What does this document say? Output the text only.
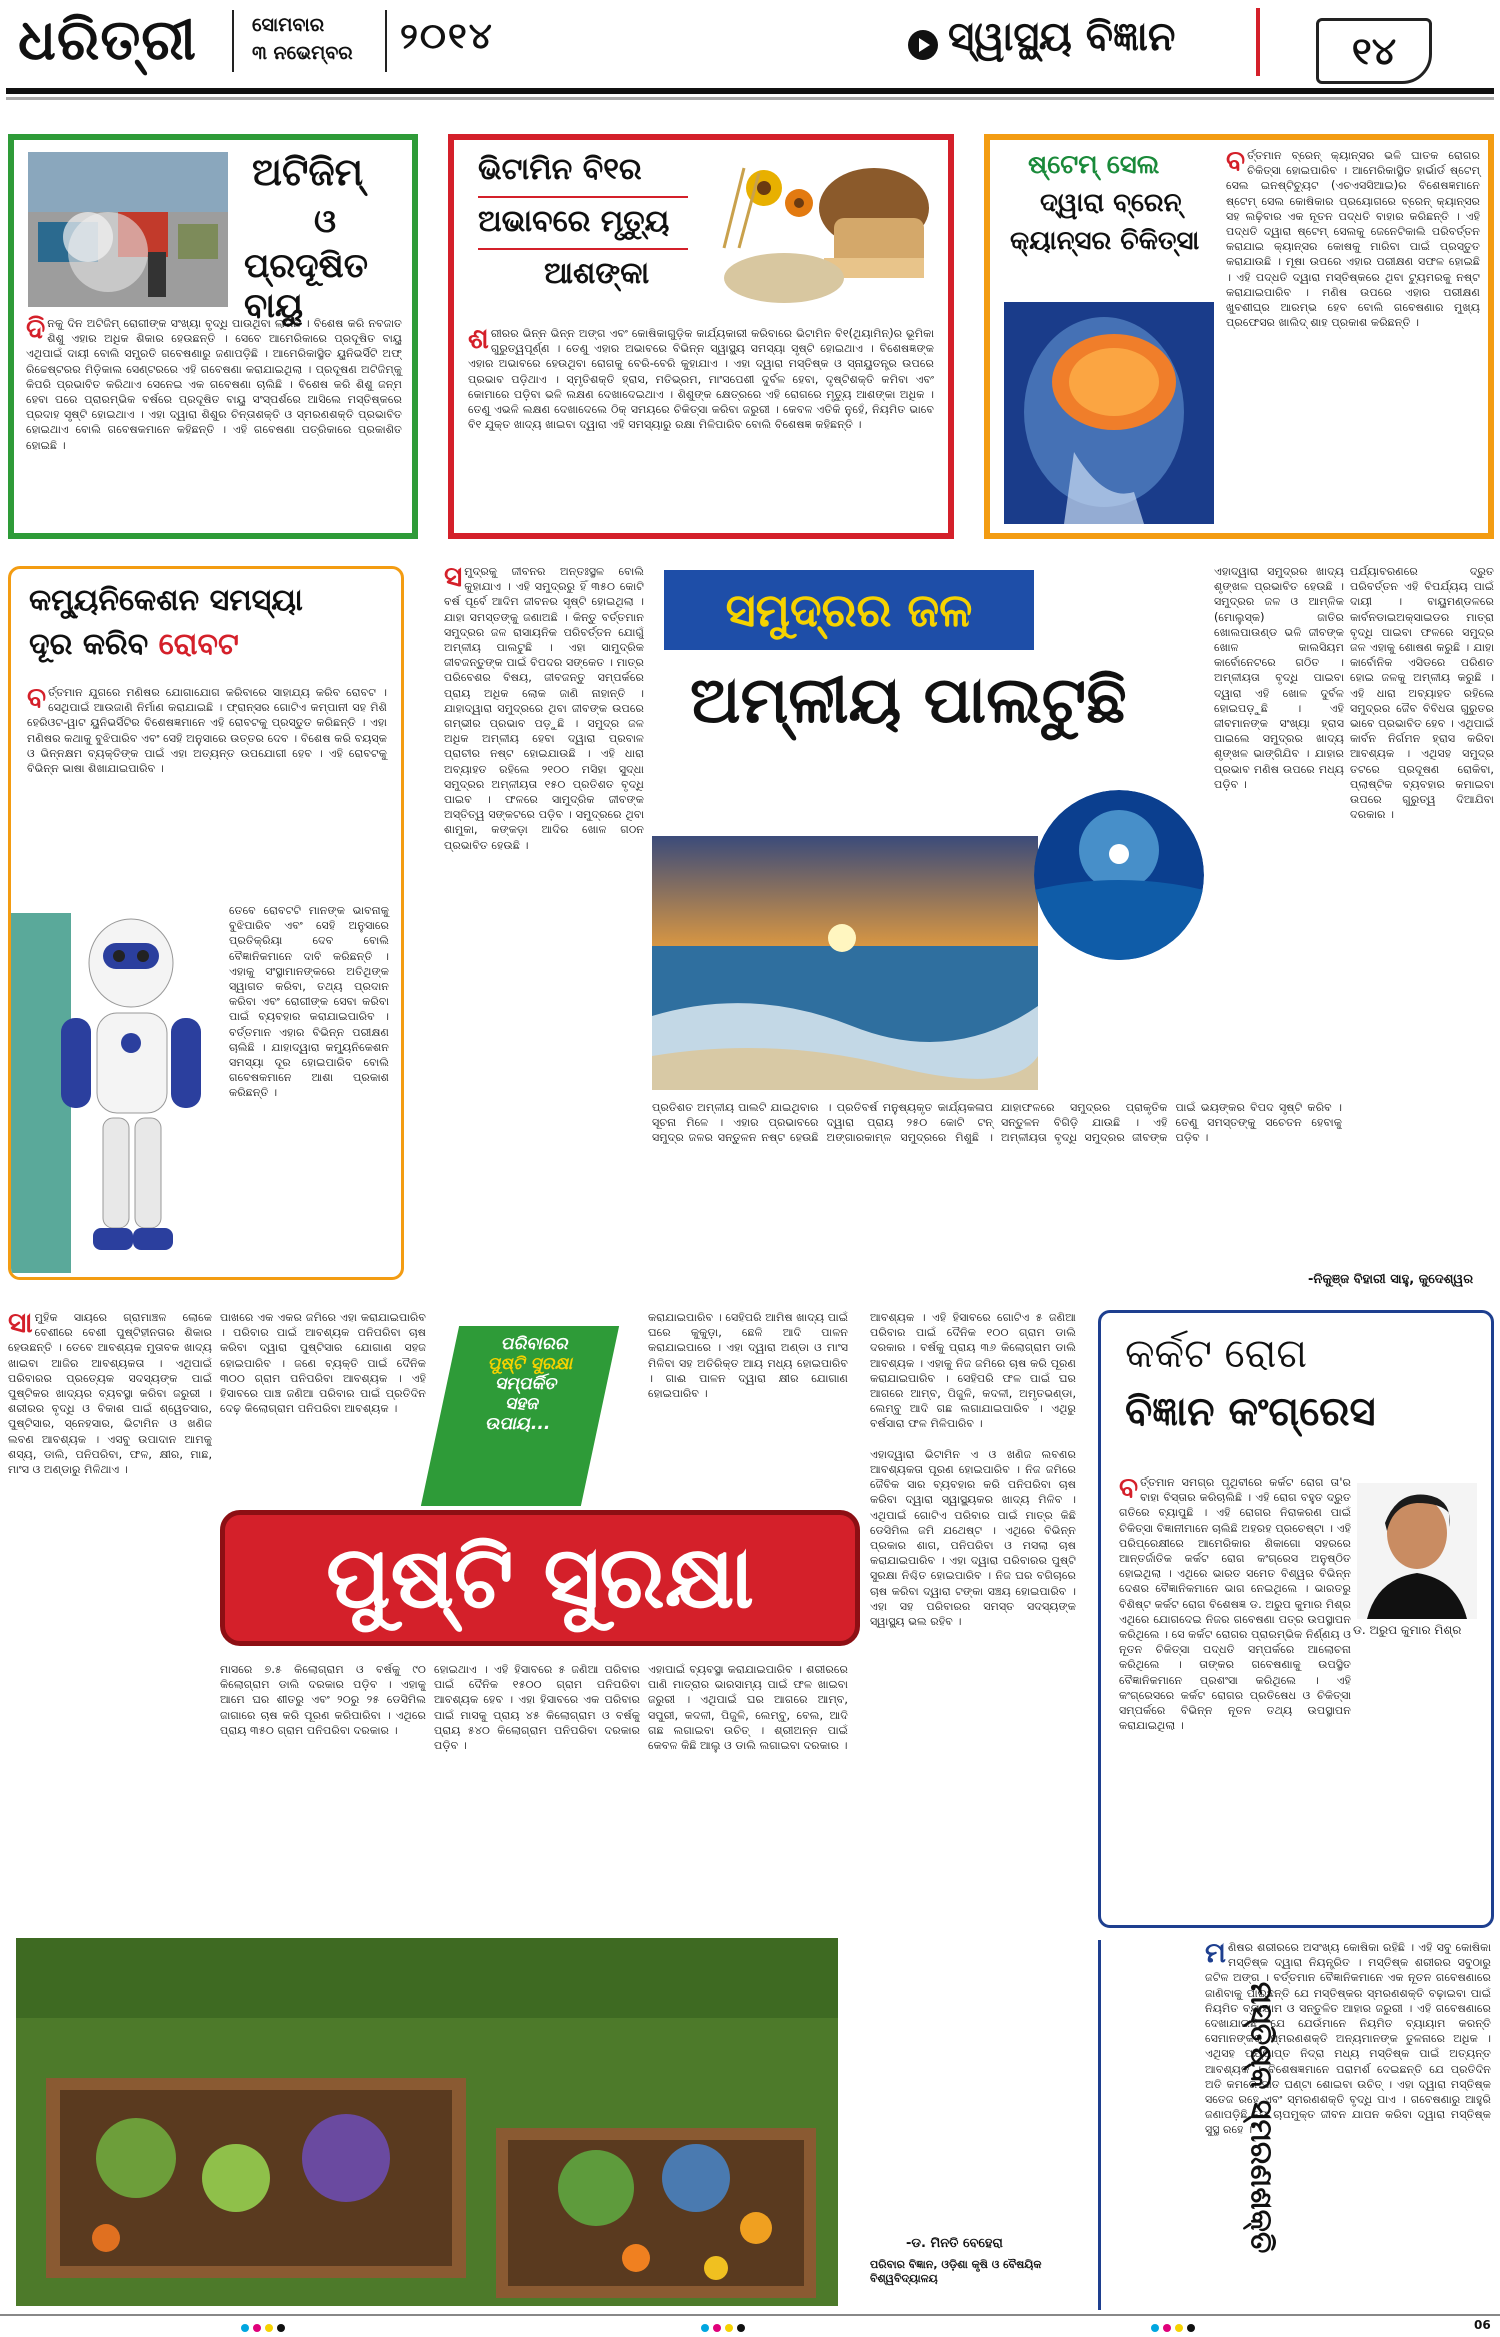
ଧରିତ୍ରୀ	ସୋମବାର
୩ ନଭେମ୍ବର ୨୦୧୪	ସ୍ୱାସ୍ଥ୍ୟ ବିଜ୍ଞାନ	୧୪
ଅଟିଜିମ୍
ଓ
ପ୍ରଦୂଷିତ ବାୟୁ
ଦି ନକୁ ଦିନ ଅଟିଜିମ୍ ରୋଗୀଙ୍କ ସଂଖ୍ୟା ବୃଦ୍ଧି ପାଉଥିବା ଲାଗିଛି । ବିଶେଷ କରି ନବଜାତ ଶିଶୁ ଏହାର ଅଧିକ ଶିକାର ହେଉଛନ୍ତି । ସେବେ ଆମେରିକାରେ ପ୍ରଦୂଷିତ ବାୟୁ ଏଥିପାଇଁ ଦାୟୀ ବୋଲି ସମ୍ପ୍ରତି ଗବେଷଣାରୁ ଜଣାପଡ଼ିଛି । ଆମେରିକାସ୍ଥିତ ୟୁନିଭର୍ସିଟି ଅଫ୍ ରିଚ୍ଚେଷ୍ଟରର ମିଡ଼ିକାଲ ସେଣ୍ଟରରେ ଏହି ଗବେଷଣା କରାଯାଇଥିଲା । ପ୍ରଦୂଷଣ ଅଟିଜିମ୍କୁ କିପରି ପ୍ରଭାବିତ କରିଥାଏ ସେନେଇ ଏକ ଗବେଷଣା ଚାଲିଛି । ବିଶେଷ କରି ଶିଶୁ ଜନ୍ମ ହେବା ପରେ ପ୍ରାରମ୍ଭିକ ବର୍ଷରେ ପ୍ରଦୂଷିତ ବାୟୁ ସଂସ୍ପର୍ଶରେ ଆସିଲେ ମସ୍ତିଷ୍କରେ ପ୍ରଦାହ ସୃଷ୍ଟି ହୋଇଥାଏ । ଏହା ଦ୍ୱାରା ଶିଶୁର ଚିନ୍ତାଶକ୍ତି ଓ ସ୍ମରଣଶକ୍ତି ପ୍ରଭାବିତ ହୋଇଥାଏ ବୋଲି ଗବେଷକମାନେ କହିଛନ୍ତି । ଏହି ଗବେଷଣା ପତ୍ରିକାରେ ପ୍ରକାଶିତ ହୋଇଛି ।
ଭିଟାମିନ ବି୧ର
ଅଭାବରେ ମୃତ୍ୟୁ
ଆଶଙ୍କା
ଶ ରୀରର ଭିନ୍ନ ଭିନ୍ନ ଅଙ୍ଗ ଏବଂ କୋଷିକାଗୁଡ଼ିକ କାର୍ଯ୍ୟକାରୀ କରିବାରେ ଭିଟାମିନ ବି୧(ଥିୟାମିନ୍)ର ଭୂମିକା ଗୁରୁତ୍ୱପୂର୍ଣ୍ଣ । ତେଣୁ ଏହାର ଅଭାବରେ ବିଭିନ୍ନ ସ୍ୱାସ୍ଥ୍ୟ ସମସ୍ୟା ସୃଷ୍ଟି ହୋଇଥାଏ । ବିଶେଷଜ୍ଞଙ୍କ ଏହାର ଅଭାବରେ ହେଉଥିବା ରୋଗକୁ ବେରି-ବେରି କୁହାଯାଏ । ଏହା ଦ୍ୱାରା ମସ୍ତିଷ୍କ ଓ ସ୍ନାୟୁତନ୍ତ୍ର ଉପରେ ପ୍ରଭାବ ପଡ଼ିଥାଏ । ସ୍ମୃତିଶକ୍ତି ହ୍ରାସ, ମତିଭ୍ରମ, ମାଂସପେଶୀ ଦୁର୍ବଳ ହେବା, ଦୃଷ୍ଟିଶକ୍ତି କମିବା ଏବଂ କୋମାରେ ପଡ଼ିବା ଭଳି ଲକ୍ଷଣ ଦେଖାଦେଇଥାଏ । ଶିଶୁଙ୍କ କ୍ଷେତ୍ରରେ ଏହି ରୋଗରେ ମୃତ୍ୟୁ ଆଶଙ୍କା ଅଧିକ । ତେଣୁ ଏଭଳି ଲକ୍ଷଣ ଦେଖାଦେଲେ ଠିକ୍ ସମୟରେ ଚିକିତ୍ସା କରିବା ଜରୁରୀ । କେବଳ ଏତିକି ନୁହେଁ, ନିୟମିତ ଭାବେ ବି୧ ଯୁକ୍ତ ଖାଦ୍ୟ ଖାଇବା ଦ୍ୱାରା ଏହି ସମସ୍ୟାରୁ ରକ୍ଷା ମିଳିପାରିବ ବୋଲି ବିଶେଷଜ୍ଞ କହିଛନ୍ତି ।
ଷ୍ଟେମ୍ ସେଲ
ଦ୍ୱାରା ବ୍ରେନ୍
କ୍ୟାନ୍ସର ଚିକିତ୍ସା
ବ ର୍ତ୍ତମାନ ବ୍ରେନ୍ କ୍ୟାନ୍ସର ଭଳି ଘାତକ ରୋଗର ଚିକିତ୍ସା ହୋଇପାରିବ । ଆମେରିକାସ୍ଥିତ ହାର୍ଭାର୍ଡ ଷ୍ଟେମ୍ ସେଲ ଇନଷ୍ଟିଚ୍ୟୁଟ (ଏଚଏସସିଆଇ)ର ବିଶେଷଜ୍ଞମାନେ ଷ୍ଟେମ୍ ସେଲ କୋଷିକାର ପ୍ରୟୋଗରେ ବ୍ରେନ୍ କ୍ୟାନ୍ସର ସହ ଲଢ଼ିବାର ଏକ ନୂତନ ପଦ୍ଧତି ବାହାର କରିଛନ୍ତି । ଏହି ପଦ୍ଧତି ଦ୍ୱାରା ଷ୍ଟେମ୍ ସେଲକୁ ଜେନେଟିକାଲି ପରିବର୍ତ୍ତନ କରାଯାଇ କ୍ୟାନ୍ସର କୋଷକୁ ମାରିବା ପାଇଁ ପ୍ରସ୍ତୁତ କରାଯାଉଛି । ମୂଷା ଉପରେ ଏହାର ପରୀକ୍ଷଣ ସଫଳ ହୋଇଛି । ଏହି ପଦ୍ଧତି ଦ୍ୱାରା ମସ୍ତିଷ୍କରେ ଥିବା ଟ୍ୟୁମରକୁ ନଷ୍ଟ କରାଯାଇପାରିବ । ମଣିଷ ଉପରେ ଏହାର ପରୀକ୍ଷଣ ଖୁବଶୀଘ୍ର ଆରମ୍ଭ ହେବ ବୋଲି ଗବେଷଣାର ମୁଖ୍ୟ ପ୍ରଫେସର ଖାଲିଦ୍ ଶାହ ପ୍ରକାଶ କରିଛନ୍ତି ।
କମ୍ୟୁନିକେଶନ ସମସ୍ୟା
ଦୂର କରିବ ରୋବଟ
ବ ର୍ତ୍ତମାନ ଯୁଗରେ ମଣିଷର ଯୋଗାଯୋଗ କରିବାରେ ସାହାଯ୍ୟ କରିବ ରୋବଟ । ସେଥିପାଇଁ ଆଉଜାଣି ନିର୍ମାଣ କରାଯାଇଛି । ଫ୍ରାନ୍ସର ଗୋଟିଏ କମ୍ପାନୀ ସହ ମିଶି ହେରିଓଟ-ୱାଟ ୟୁନିଭର୍ସିଟିର ବିଶେଷଜ୍ଞମାନେ ଏହି ରୋବଟକୁ ପ୍ରସ୍ତୁତ କରିଛନ୍ତି । ଏହା ମଣିଷର କଥାକୁ ବୁଝିପାରିବ ଏବଂ ସେହି ଅନୁସାରେ ଉତ୍ତର ଦେବ । ବିଶେଷ କରି ବୟସ୍କ ଓ ଭିନ୍ନକ୍ଷମ ବ୍ୟକ୍ତିଙ୍କ ପାଇଁ ଏହା ଅତ୍ୟନ୍ତ ଉପଯୋଗୀ ହେବ । ଏହି ରୋବଟକୁ ବିଭିନ୍ନ ଭାଷା ଶିଖାଯାଇପାରିବ ।
ତେବେ ରୋବଟଟି ମାନଙ୍କ ଭାବନାକୁ ବୁଝିପାରିବ ଏବଂ ସେହି ଅନୁସାରେ ପ୍ରତିକ୍ରିୟା ଦେବ ବୋଲି ବୈଜ୍ଞାନିକମାନେ ଦାବି କରିଛନ୍ତି । ଏହାକୁ ସଂସ୍ଥାମାନଙ୍କରେ ଅତିଥିଙ୍କ ସ୍ୱାଗତ କରିବା, ତଥ୍ୟ ପ୍ରଦାନ କରିବା ଏବଂ ରୋଗୀଙ୍କ ସେବା କରିବା ପାଇଁ ବ୍ୟବହାର କରାଯାଇପାରିବ । ବର୍ତ୍ତମାନ ଏହାର ବିଭିନ୍ନ ପରୀକ୍ଷଣ ଚାଲିଛି । ଯାହାଦ୍ୱାରା କମ୍ୟୁନିକେଶନ ସମସ୍ୟା ଦୂର ହୋଇପାରିବ ବୋଲି ଗବେଷକମାନେ ଆଶା ପ୍ରକାଶ କରିଛନ୍ତି ।
ସ ମୁଦ୍ରକୁ ଜୀବନର ଅନ୍ତଃସ୍ଥଳ ବୋଲି କୁହାଯାଏ । ଏହି ସମୁଦ୍ରରୁ ହିଁ ୩୫୦ କୋଟି ବର୍ଷ ପୂର୍ବେ ଆଦିମ ଜୀବନର ସୃଷ୍ଟି ହୋଇଥିଲା । ଯାହା ସମସ୍ତଙ୍କୁ ଜଣାଅଛି । କିନ୍ତୁ ବର୍ତ୍ତମାନ ସମୁଦ୍ରର ଜଳ ରାସାୟନିକ ପରିବର୍ତ୍ତନ ଯୋଗୁଁ ଅମ୍ଳୀୟ ପାଲଟୁଛି । ଏହା ସାମୁଦ୍ରିକ ଜୀବଜନ୍ତୁଙ୍କ ପାଇଁ ବିପଦର ସଙ୍କେତ । ମାତ୍ର ପରିବେଶର ବିଷୟ, ଜୀବଜନ୍ତୁ ସମ୍ପର୍କରେ ପ୍ରାୟ ଅଧିକ ଲୋକ ଜାଣି ନାହାନ୍ତି । ଯାହାଦ୍ୱାରା ସମୁଦ୍ରରେ ଥିବା ଜୀବଙ୍କ ଉପରେ ଗମ୍ଭୀର ପ୍ରଭାବ ପଡ଼ୁଛି । ସମୁଦ୍ର ଜଳ ଅଧିକ ଅମ୍ଳୀୟ ହେବା ଦ୍ୱାରା ପ୍ରବାଳ ପ୍ରାଚୀର ନଷ୍ଟ ହୋଇଯାଉଛି । ଏହି ଧାରା ଅବ୍ୟାହତ ରହିଲେ ୨୧୦୦ ମସିହା ସୁଦ୍ଧା ସମୁଦ୍ରର ଅମ୍ଳୀୟତା ୧୫୦ ପ୍ରତିଶତ ବୃଦ୍ଧି ପାଇବ । ଫଳରେ ସାମୁଦ୍ରିକ ଜୀବଙ୍କ ଅସ୍ତିତ୍ୱ ସଙ୍କଟରେ ପଡ଼ିବ । ସମୁଦ୍ରରେ ଥିବା ଶାମୁକା, କଙ୍କଡ଼ା ଆଦିର ଖୋଳ ଗଠନ ପ୍ରଭାବିତ ହେଉଛି ।
ସମୁଦ୍ରର ଜଳ
ଅମ୍ଳୀୟ ପାଲଟୁଛି
ଏହାଦ୍ୱାରା ସମୁଦ୍ରର ଖାଦ୍ୟ ଶୃଙ୍ଖଳ ପ୍ରଭାବିତ ହେଉଛି । ସମୁଦ୍ରର ଜଳ ଓ ଆମ୍ଳିକ (ମୋଲୁସ୍କ) ଜାତିର ଖୋଲପାଉଣ୍ଡ ଭଳି ଜୀବଙ୍କ ଖୋଳ କାଲସିୟମ କାର୍ବୋନେଟରେ ଗଠିତ । ଅମ୍ଳୀୟତା ବୃଦ୍ଧି ପାଇବା ଦ୍ୱାରା ଏହି ଖୋଳ ଦୁର୍ବଳ ହୋଇପଡ଼ୁଛି । ଏହି ଜୀବମାନଙ୍କ ସଂଖ୍ୟା ହ୍ରାସ ପାଇଲେ ସମୁଦ୍ରର ଖାଦ୍ୟ ଶୃଙ୍ଖଳ ଭାଙ୍ଗିଯିବ । ଯାହାର ପ୍ରଭାବ ମଣିଷ ଉପରେ ମଧ୍ୟ ପଡ଼ିବ ।
ପର୍ଯ୍ୟାବରଣରେ ଦ୍ରୁତ ପରିବର୍ତ୍ତନ ଏହି ବିପର୍ଯ୍ୟୟ ପାଇଁ ଦାୟୀ । ବାୟୁମଣ୍ଡଳରେ କାର୍ବନଡାଇଅକ୍ସାଇଡର ମାତ୍ରା ବୃଦ୍ଧି ପାଇବା ଫଳରେ ସମୁଦ୍ର ଜଳ ଏହାକୁ ଶୋଷଣ କରୁଛି । ଯାହା କାର୍ବୋନିକ ଏସିଡରେ ପରିଣତ ହୋଇ ଜଳକୁ ଅମ୍ଳୀୟ କରୁଛି । ଏହି ଧାରା ଅବ୍ୟାହତ ରହିଲେ ସମୁଦ୍ରର ଜୈବ ବିବିଧତା ଗୁରୁତର ଭାବେ ପ୍ରଭାବିତ ହେବ । ଏଥିପାଇଁ କାର୍ବନ ନିର୍ଗମନ ହ୍ରାସ କରିବା ଆବଶ୍ୟକ । ଏଥିସହ ସମୁଦ୍ର ତଟରେ ପ୍ରଦୂଷଣ ରୋକିବା, ପ୍ଲାଷ୍ଟିକ ବ୍ୟବହାର କମାଇବା ଉପରେ ଗୁରୁତ୍ୱ ଦିଆଯିବା ଦରକାର ।
ପ୍ରତିଶତ ଅମ୍ଳୀୟ ପାଲଟି ଯାଇଥିବାର ସୂଚନା ମିଳେ । ଏହାର ପ୍ରଭାବରେ ସମୁଦ୍ର ଜଳର ସନ୍ତୁଳନ ନଷ୍ଟ ହେଉଛି । ପ୍ରତିବର୍ଷ ମନୁଷ୍ୟକୃତ କାର୍ଯ୍ୟକଳାପ ଦ୍ୱାରା ପ୍ରାୟ ୨୫୦ କୋଟି ଟନ୍ ଅଙ୍ଗାରକାମ୍ଳ ସମୁଦ୍ରରେ ମିଶୁଛି । ଯାହାଫଳରେ ସମୁଦ୍ରର ପ୍ରାକୃତିକ ସନ୍ତୁଳନ ବିଗିଡ଼ି ଯାଉଛି । ଏହି ଅମ୍ଳୀୟତା ବୃଦ୍ଧି ସମୁଦ୍ରର ଜୀବଙ୍କ ପାଇଁ ଭୟଙ୍କର ବିପଦ ସୃଷ୍ଟି କରିବ । ତେଣୁ ସମସ୍ତଙ୍କୁ ସଚେତନ ହେବାକୁ ପଡ଼ିବ ।
-ନିକୁଞ୍ଜ ବିହାରୀ ସାହୁ, କୁଦେଶ୍ୱର
ସା ମୁହିକ ସାୟରେ ଗ୍ରାମାଞ୍ଚଳ ଲୋକେ ବେଶୀରେ ବେଶୀ ପୁଷ୍ଟିହୀନତାର ଶିକାର ହେଉଛନ୍ତି । ତେବେ ଆବଶ୍ୟକ ମୁତାବକ ଖାଦ୍ୟ ଖାଇବା ଆଜିର ଆବଶ୍ୟକତା । ଏଥିପାଇଁ ପରିବାରର ପ୍ରତ୍ୟେକ ସଦସ୍ୟଙ୍କ ପାଇଁ ପୁଷ୍ଟିକର ଖାଦ୍ୟର ବ୍ୟବସ୍ଥା କରିବା ଜରୁରୀ । ଶରୀରର ବୃଦ୍ଧି ଓ ବିକାଶ ପାଇଁ ଶ୍ୱେତସାର, ପୁଷ୍ଟିସାର, ସ୍ନେହସାର, ଭିଟାମିନ ଓ ଖଣିଜ ଲବଣ ଆବଶ୍ୟକ । ଏସବୁ ଉପାଦାନ ଆମକୁ ଶସ୍ୟ, ଡାଲି, ପନିପରିବା, ଫଳ, କ୍ଷୀର, ମାଛ, ମାଂସ ଓ ଅଣ୍ଡାରୁ ମିଳିଥାଏ ।
ପାଖରେ ଏକ ଏକର ଜମିରେ ଏହା କରାଯାଇପାରିବ । ପରିବାର ପାଇଁ ଆବଶ୍ୟକ ପନିପରିବା ଚାଷ କରିବା ଦ୍ୱାରା ପୁଷ୍ଟିସାର ଯୋଗାଣ ସହଜ ହୋଇପାରିବ । ଜଣେ ବ୍ୟକ୍ତି ପାଇଁ ଦୈନିକ ୩୦୦ ଗ୍ରାମ ପନିପରିବା ଆବଶ୍ୟକ । ଏହି ହିସାବରେ ପାଞ୍ଚ ଜଣିଆ ପରିବାର ପାଇଁ ପ୍ରତିଦିନ ଦେଢ଼ କିଲୋଗ୍ରାମ ପନିପରିବା ଆବଶ୍ୟକ ।
ପରିବାରର
ପୁଷ୍ଟି ସୁରକ୍ଷା
ସମ୍ପର୍କିତ
ସହଜ
ଉପାୟ...
କରାଯାଇପାରିବ । ସେହିପରି ଆମିଷ ଖାଦ୍ୟ ପାଇଁ ଘରେ କୁକୁଡ଼ା, ଛେଳି ଆଦି ପାଳନ କରାଯାଇପାରେ । ଏହା ଦ୍ୱାରା ଅଣ୍ଡା ଓ ମାଂସ ମିଳିବା ସହ ଅତିରିକ୍ତ ଆୟ ମଧ୍ୟ ହୋଇପାରିବ । ଗାଈ ପାଳନ ଦ୍ୱାରା କ୍ଷୀର ଯୋଗାଣ ହୋଇପାରିବ ।
ପୁଷ୍ଟି ସୁରକ୍ଷା
ମାସରେ ୭.୫ କିଲୋଗ୍ରାମ ଓ ବର୍ଷକୁ ୯୦ କିଲୋଗ୍ରାମ ଡାଲି ଦରକାର ପଡ଼ିବ । ଏହାକୁ ଆମେ ଘର ଶୀତରୁ ଏବଂ ୨୦ରୁ ୨୫ ଡେସିମିଲ ଜାଗାରେ ଚାଷ କରି ପୂରଣ କରିପାରିବା । ଏଥିରେ ପ୍ରାୟ ୩୫୦ ଗ୍ରାମ ପନିପରିବା ଦରକାର ।
ହୋଇଥାଏ । ଏହି ହିସାବରେ ୫ ଜଣିଆ ପରିବାର ପାଇଁ ଦୈନିକ ୧୫୦୦ ଗ୍ରାମ ପନିପରିବା ଆବଶ୍ୟକ ହେବ । ଏହା ହିସାବରେ ଏକ ପରିବାର ପାଇଁ ମାସକୁ ପ୍ରାୟ ୪୫ କିଲୋଗ୍ରାମ ଓ ବର୍ଷକୁ ପ୍ରାୟ ୫୪୦ କିଲୋଗ୍ରାମ ପନିପରିବା ଦରକାର ପଡ଼ିବ ।
ଏହାପାଇଁ ବ୍ୟବସ୍ଥା କରାଯାଇପାରିବ । ଶରୀରରେ ପାଣି ମାତ୍ରାର ଭାରସାମ୍ୟ ପାଇଁ ଫଳ ଖାଇବା ଜରୁରୀ । ଏଥିପାଇଁ ଘର ଆଗରେ ଆମ୍ବ, ସପୁରୀ, କଦଳୀ, ପିଜୁଳି, ଲେମ୍ବୁ, ବେଲ, ଆଦି ଗଛ ଲଗାଇବା ଉଚିତ୍ । ଶ୍ରୀଅନ୍ନ ପାଇଁ କେବଳ କିଛି ଆଲୁ ଓ ଡାଲି ଲଗାଇବା ଦରକାର ।
ଆବଶ୍ୟକ । ଏହି ହିସାବରେ ଗୋଟିଏ ୫ ଜଣିଆ ପରିବାର ପାଇଁ ଦୈନିକ ୧୦୦ ଗ୍ରାମ ଡାଲି ଦରକାର । ବର୍ଷକୁ ପ୍ରାୟ ୩୬ କିଲୋଗ୍ରାମ ଡାଲି ଆବଶ୍ୟକ । ଏହାକୁ ନିଜ ଜମିରେ ଚାଷ କରି ପୂରଣ କରାଯାଇପାରିବ । ସେହିପରି ଫଳ ପାଇଁ ଘର ଆଗରେ ଆମ୍ବ, ପିଜୁଳି, କଦଳୀ, ଅମୃତଭଣ୍ଡା, ଲେମ୍ବୁ ଆଦି ଗଛ ଲଗାଯାଇପାରିବ । ଏଥିରୁ ବର୍ଷସାରା ଫଳ ମିଳିପାରିବ ।

ଏହାଦ୍ୱାରା ଭିଟାମିନ ଏ ଓ ଖଣିଜ ଲବଣର ଆବଶ୍ୟକତା ପୂରଣ ହୋଇପାରିବ । ନିଜ ଜମିରେ ଜୈବିକ ସାର ବ୍ୟବହାର କରି ପନିପରିବା ଚାଷ କରିବା ଦ୍ୱାରା ସ୍ୱାସ୍ଥ୍ୟକର ଖାଦ୍ୟ ମିଳିବ । ଏଥିପାଇଁ ଗୋଟିଏ ପରିବାର ପାଇଁ ମାତ୍ର କିଛି ଡେସିମିଲ ଜମି ଯଥେଷ୍ଟ । ଏଥିରେ ବିଭିନ୍ନ ପ୍ରକାର ଶାଗ, ପନିପରିବା ଓ ମସଲା ଚାଷ କରାଯାଇପାରିବ । ଏହା ଦ୍ୱାରା ପରିବାରର ପୁଷ୍ଟି ସୁରକ୍ଷା ନିଶ୍ଚିତ ହୋଇପାରିବ । ନିଜ ଘର ବଗିଚାରେ ଚାଷ କରିବା ଦ୍ୱାରା ଟଙ୍କା ସଞ୍ଚୟ ହୋଇପାରିବ । ଏହା ସହ ପରିବାରର ସମସ୍ତ ସଦସ୍ୟଙ୍କ ସ୍ୱାସ୍ଥ୍ୟ ଭଲ ରହିବ ।
-ଡ. ମିନତି ବେହେରା
ପରିବାର ବିଜ୍ଞାନ, ଓଡ଼ିଶା କୃଷି ଓ ବୈଷୟିକ ବିଶ୍ୱବିଦ୍ୟାଳୟ
କର୍କଟ ରୋଗ
ବିଜ୍ଞାନ କଂଗ୍ରେସ
ଡ. ଅରୁପ କୁମାର ମିଶ୍ର
ବ ର୍ତ୍ତମାନ ସମଗ୍ର ପୃଥିବୀରେ କର୍କଟ ରୋଗ ତା'ର ବାହା ବିସ୍ତାର କରିଚାଲିଛି । ଏହି ରୋଗ ବହୁତ ଦ୍ରୁତ ଗତିରେ ବ୍ୟାପୁଛି । ଏହି ରୋଗର ନିରାକରଣ ପାଇଁ ଚିକିତ୍ସା ବିଜ୍ଞାନୀମାନେ ଚାଲିଛି ଅହରହ ପ୍ରଚେଷ୍ଟା । ଏହି ପରିପ୍ରେକ୍ଷୀରେ ଆମେରିକାର ଶିକାଗୋ ସହରରେ ଆନ୍ତର୍ଜାତିକ କର୍କଟ ରୋଗ କଂଗ୍ରେସ ଅନୁଷ୍ଠିତ ହୋଇଥିଲା । ଏଥିରେ ଭାରତ ସମେତ ବିଶ୍ୱର ବିଭିନ୍ନ ଦେଶର ବୈଜ୍ଞାନିକମାନେ ଭାଗ ନେଇଥିଲେ । ଭାରତରୁ ବିଶିଷ୍ଟ କର୍କଟ ରୋଗ ବିଶେଷଜ୍ଞ ଡ. ଅରୁପ କୁମାର ମିଶ୍ର ଏଥିରେ ଯୋଗଦେଇ ନିଜର ଗବେଷଣା ପତ୍ର ଉପସ୍ଥାପନ କରିଥିଲେ । ସେ କର୍କଟ ରୋଗର ପ୍ରାରମ୍ଭିକ ନିର୍ଣ୍ଣୟ ଓ ନୂତନ ଚିକିତ୍ସା ପଦ୍ଧତି ସମ୍ପର୍କରେ ଆଲୋଚନା କରିଥିଲେ । ତାଙ୍କର ଗବେଷଣାକୁ ଉପସ୍ଥିତ ବୈଜ୍ଞାନିକମାନେ ପ୍ରଶଂସା କରିଥିଲେ । ଏହି କଂଗ୍ରେସରେ କର୍କଟ ରୋଗର ପ୍ରତିଷେଧ ଓ ଚିକିତ୍ସା ସମ୍ପର୍କରେ ବିଭିନ୍ନ ନୂତନ ତଥ୍ୟ ଉପସ୍ଥାପନ କରାଯାଇଥିଲା ।
ମସ୍ତିଷ୍କ ସ୍ମରଣଶକ୍ତି
ମ ଣିଷର ଶରୀରରେ ଅସଂଖ୍ୟ କୋଷିକା ରହିଛି । ଏହି ସବୁ କୋଷିକା ମସ୍ତିଷ୍କ ଦ୍ୱାରା ନିୟନ୍ତ୍ରିତ । ମସ୍ତିଷ୍କ ଶରୀରର ସବୁଠାରୁ ଜଟିଳ ଅଙ୍ଗ । ବର୍ତ୍ତମାନ ବୈଜ୍ଞାନିକମାନେ ଏକ ନୂତନ ଗବେଷଣାରେ ଜାଣିବାକୁ ପାଇଛନ୍ତି ଯେ ମସ୍ତିଷ୍କର ସ୍ମରଣଶକ୍ତି ବଢ଼ାଇବା ପାଇଁ ନିୟମିତ ବ୍ୟାୟାମ ଓ ସନ୍ତୁଳିତ ଆହାର ଜରୁରୀ । ଏହି ଗବେଷଣାରେ ଦେଖାଯାଇଛି ଯେ ଯେଉଁମାନେ ନିୟମିତ ବ୍ୟାୟାମ କରନ୍ତି ସେମାନଙ୍କର ସ୍ମରଣଶକ୍ତି ଅନ୍ୟମାନଙ୍କ ତୁଳନାରେ ଅଧିକ । ଏଥିସହ ପର୍ଯ୍ୟାପ୍ତ ନିଦ୍ରା ମଧ୍ୟ ମସ୍ତିଷ୍କ ପାଇଁ ଅତ୍ୟନ୍ତ ଆବଶ୍ୟକ । ବିଶେଷଜ୍ଞମାନେ ପରାମର୍ଶ ଦେଇଛନ୍ତି ଯେ ପ୍ରତିଦିନ ଅତି କମରେ ସାତ ଘଣ୍ଟା ଶୋଇବା ଉଚିତ୍ । ଏହା ଦ୍ୱାରା ମସ୍ତିଷ୍କ ସତେଜ ରହେ ଏବଂ ସ୍ମରଣଶକ୍ତି ବୃଦ୍ଧି ପାଏ । ଗବେଷଣାରୁ ଆହୁରି ଜଣାପଡ଼ିଛି ଯେ ଚାପମୁକ୍ତ ଜୀବନ ଯାପନ କରିବା ଦ୍ୱାରା ମସ୍ତିଷ୍କ ସୁସ୍ଥ ରହେ ।
06
